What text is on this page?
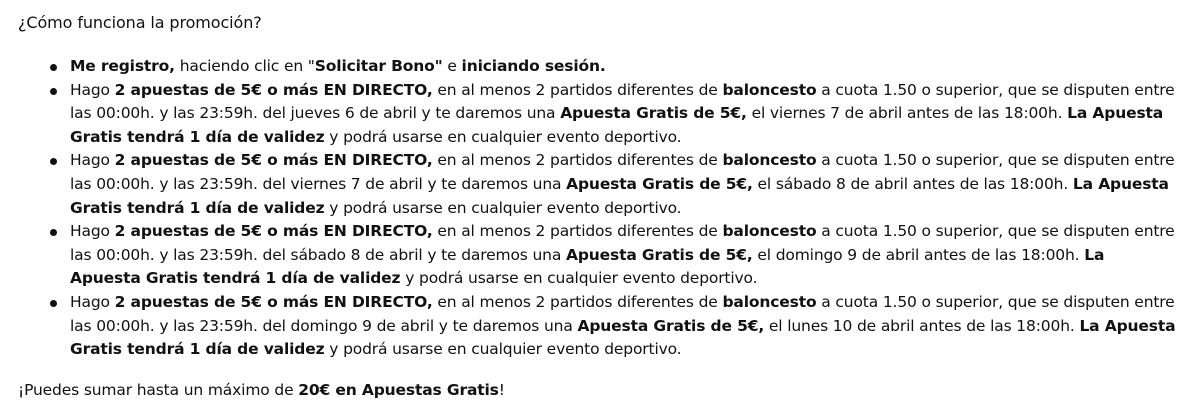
¿Cómo funciona la promoción?
Me registro, haciendo clic en "Solicitar Bono" e iniciando sesión.
Hago 2 apuestas de 5€ o más EN DIRECTO, en al menos 2 partidos diferentes de baloncesto a cuota 1.50 o superior, que se disputen entre las 00:00h. y las 23:59h. del jueves 6 de abril y te daremos una Apuesta Gratis de 5€, el viernes 7 de abril antes de las 18:00h. La Apuesta Gratis tendrá 1 día de validez y podrá usarse en cualquier evento deportivo.
Hago 2 apuestas de 5€ o más EN DIRECTO, en al menos 2 partidos diferentes de baloncesto a cuota 1.50 o superior, que se disputen entre las 00:00h. y las 23:59h. del viernes 7 de abril y te daremos una Apuesta Gratis de 5€, el sábado 8 de abril antes de las 18:00h. La Apuesta Gratis tendrá 1 día de validez y podrá usarse en cualquier evento deportivo.
Hago 2 apuestas de 5€ o más EN DIRECTO, en al menos 2 partidos diferentes de baloncesto a cuota 1.50 o superior, que se disputen entre las 00:00h. y las 23:59h. del sábado 8 de abril y te daremos una Apuesta Gratis de 5€, el domingo 9 de abril antes de las 18:00h. La Apuesta Gratis tendrá 1 día de validez y podrá usarse en cualquier evento deportivo.
Hago 2 apuestas de 5€ o más EN DIRECTO, en al menos 2 partidos diferentes de baloncesto a cuota 1.50 o superior, que se disputen entre las 00:00h. y las 23:59h. del domingo 9 de abril y te daremos una Apuesta Gratis de 5€, el lunes 10 de abril antes de las 18:00h. La Apuesta Gratis tendrá 1 día de validez y podrá usarse en cualquier evento deportivo.
¡Puedes sumar hasta un máximo de 20€ en Apuestas Gratis!
